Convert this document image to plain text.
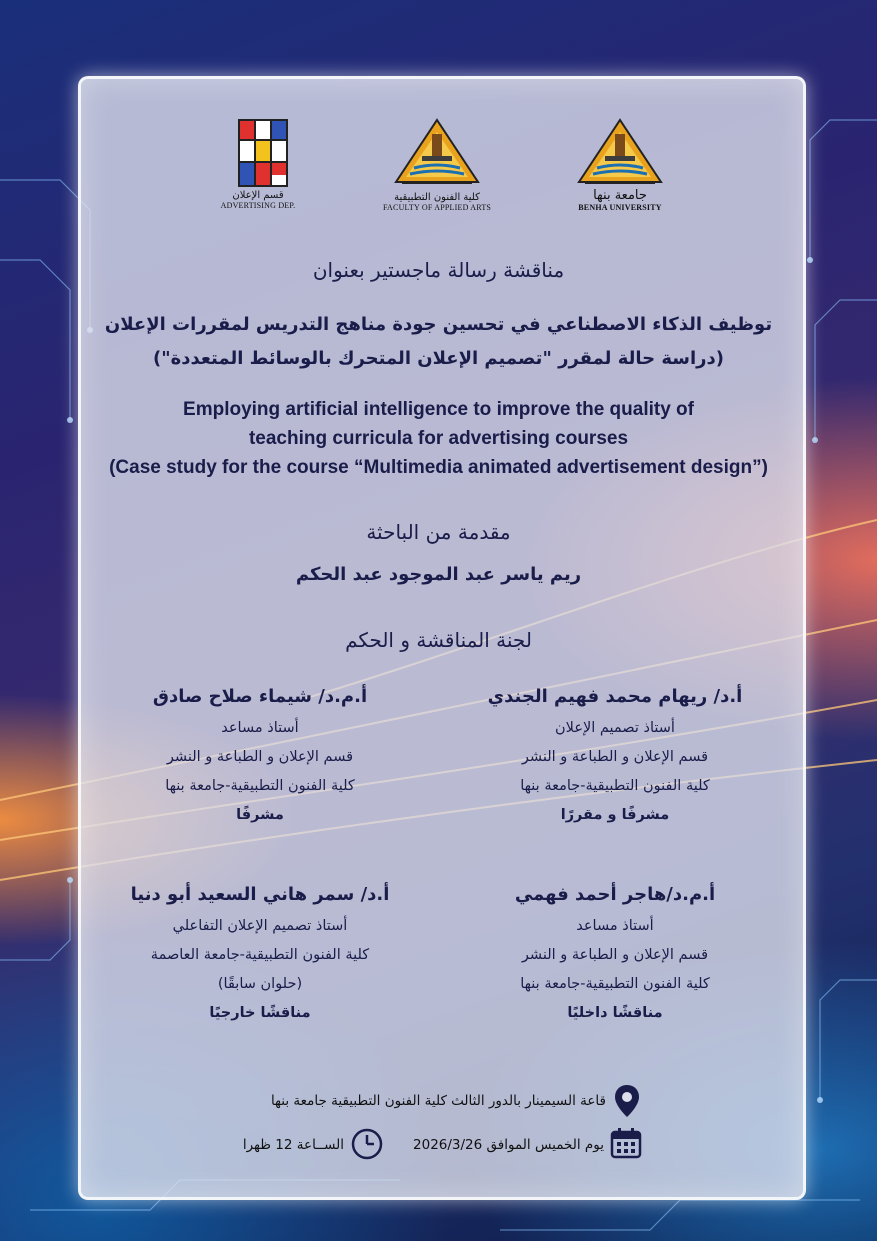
قسم الإعلان
ADVERTISING DEP.
كلية الفنون التطبيقية
FACULTY OF APPLIED ARTS
جامعة بنها
BENHA UNIVERSITY
مناقشة رسالة ماجستير بعنوان
توظيف الذكاء الاصطناعي في تحسين جودة مناهج التدريس لمقررات الإعلان
(دراسة حالة لمقرر "تصميم الإعلان المتحرك بالوسائط المتعددة")
Employing artificial intelligence to improve the quality of
teaching curricula for advertising courses
(Case study for the course “Multimedia animated advertisement design”)
مقدمة من الباحثة
ريم ياسر عبد الموجود عبد الحكم
لجنة المناقشة و الحكم
أ.د/ ريهام محمد فهيم الجندي
أستاذ تصميم الإعلان
قسم الإعلان و الطباعة و النشر
كلية الفنون التطبيقية-جامعة بنها
مشرفًا و مقررًا
أ.م.د/ شيماء صلاح صادق
أستاذ مساعد
قسم الإعلان و الطباعة و النشر
كلية الفنون التطبيقية-جامعة بنها
مشرفًا
أ.م.د/هاجر أحمد فهمي
أستاذ مساعد
قسم الإعلان و الطباعة و النشر
كلية الفنون التطبيقية-جامعة بنها
مناقشًا داخليًا
أ.د/ سمر هاني السعيد أبو دنيا
أستاذ تصميم الإعلان التفاعلي
كلية الفنون التطبيقية-جامعة العاصمة
(حلوان سابقًا)
مناقشًا خارجيًا
قاعة السيمينار بالدور الثالث كلية الفنون التطبيقية جامعة بنها
يوم الخميس الموافق 2026/3/26
الســاعة 12 ظهرا
